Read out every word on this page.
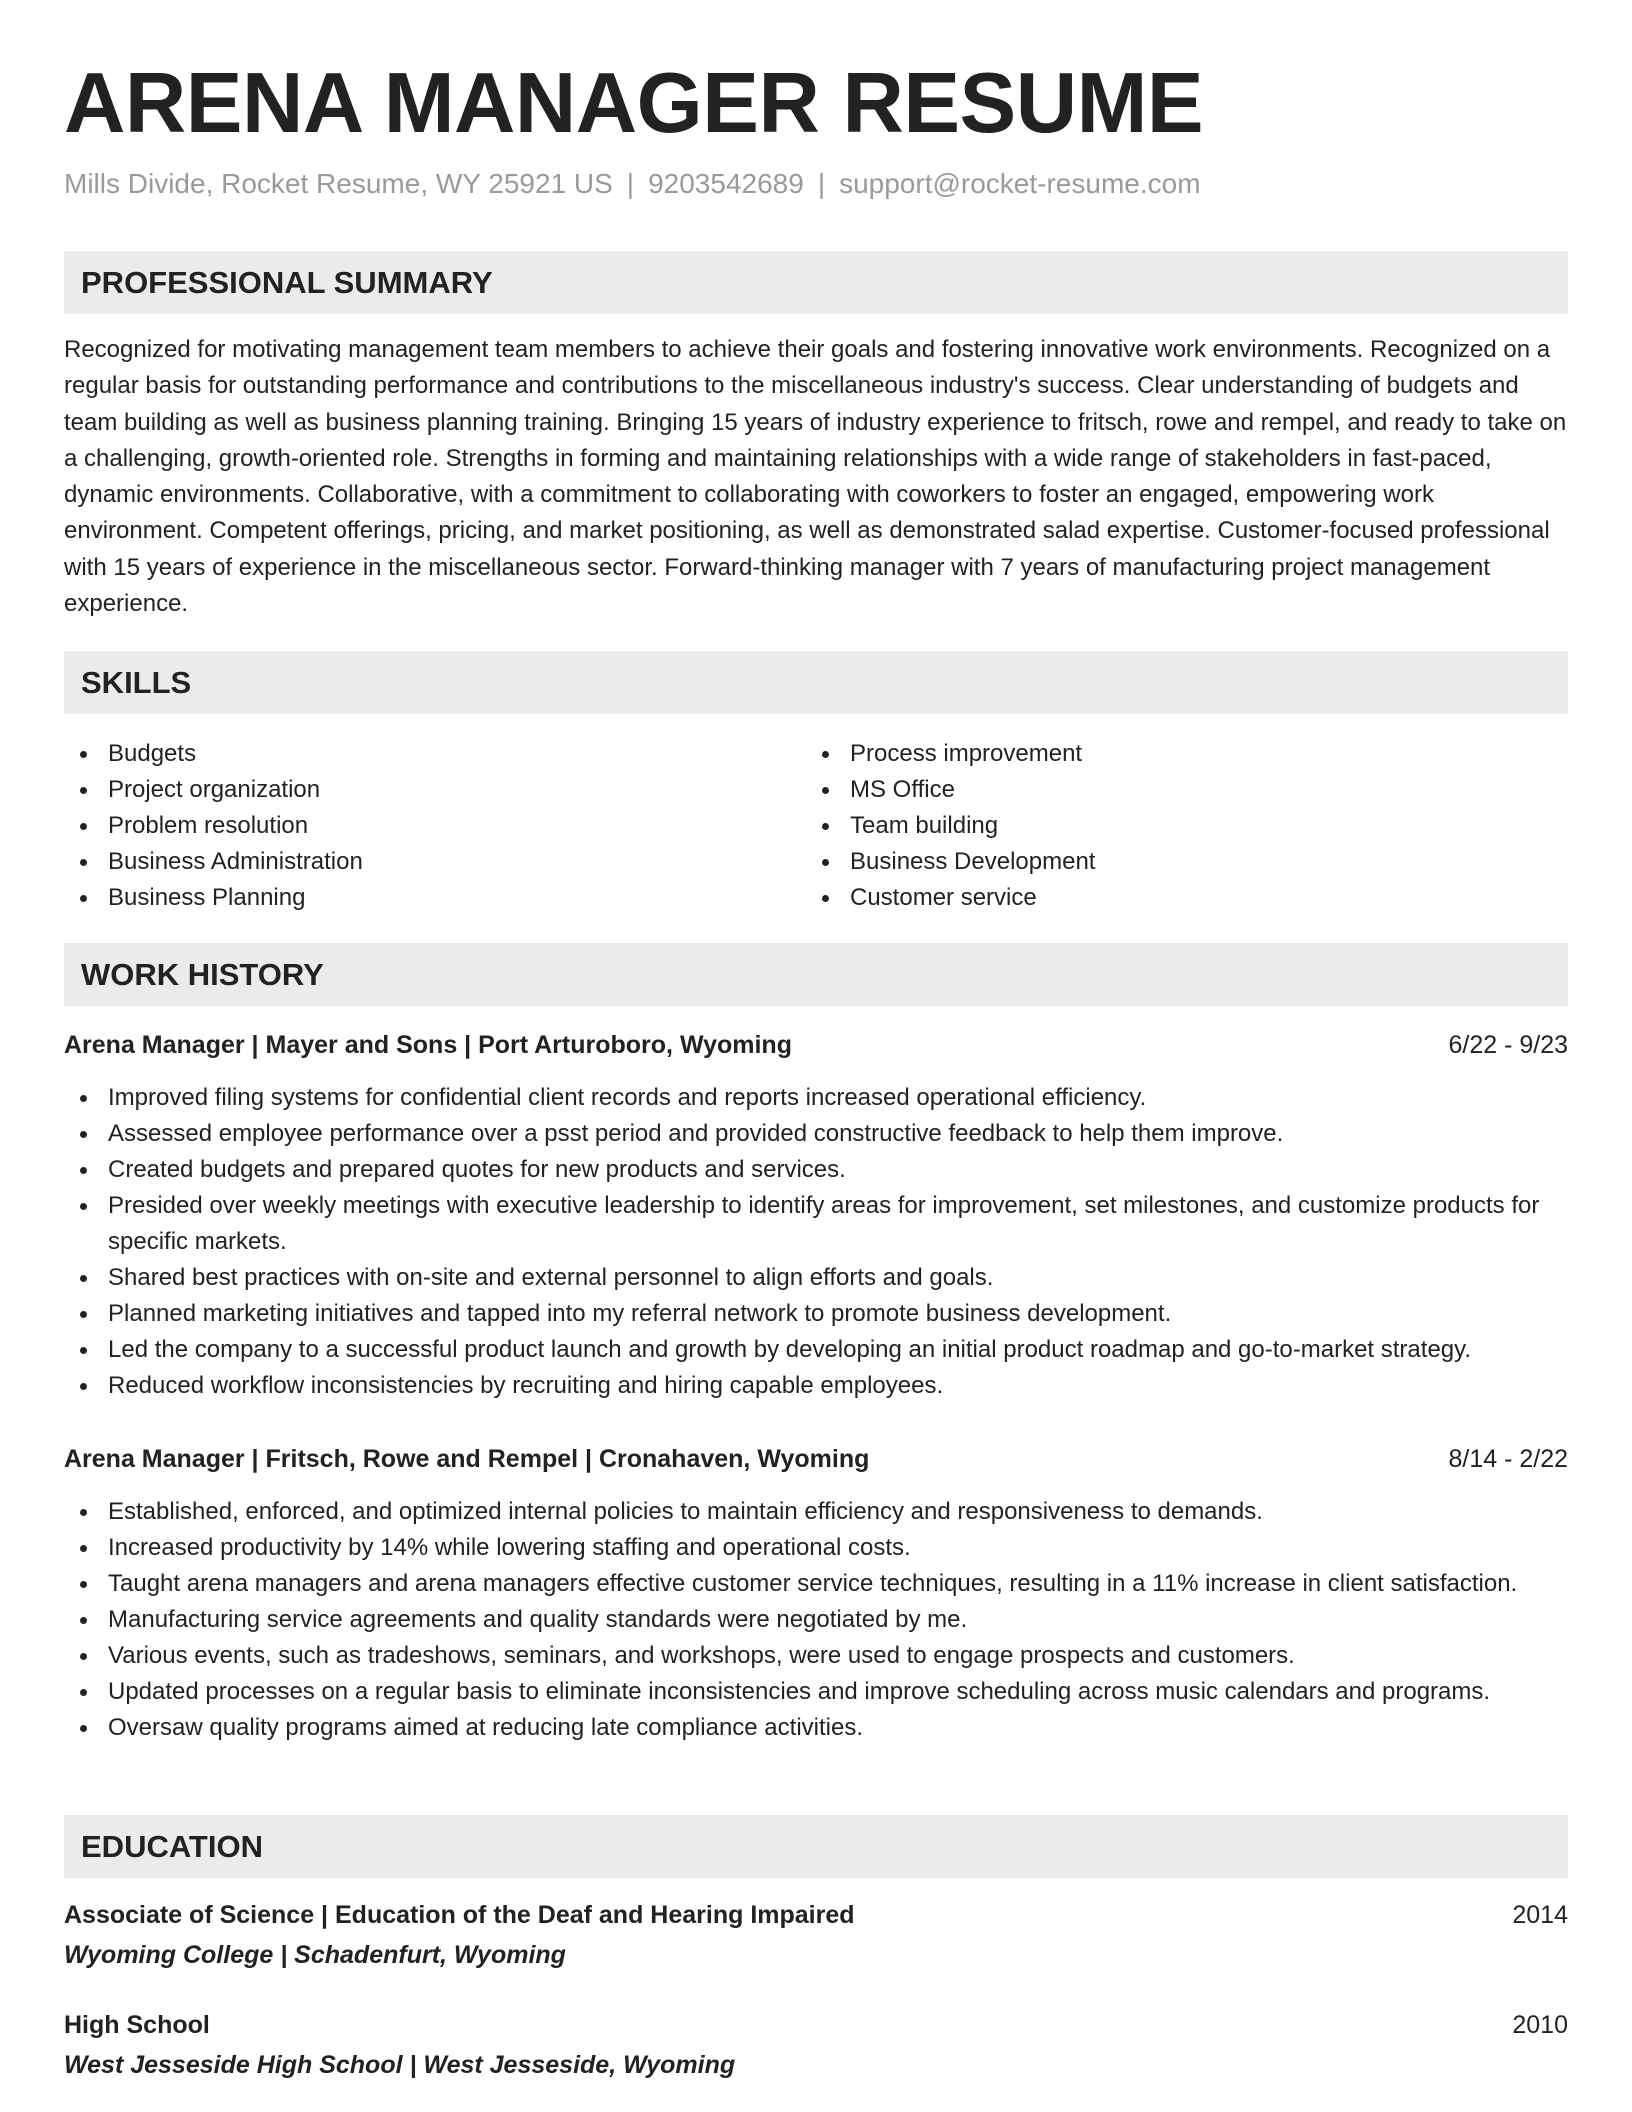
ARENA MANAGER RESUME
Mills Divide, Rocket Resume, WY 25921 US | 9203542689 | support@rocket-resume.com
PROFESSIONAL SUMMARY

Recognized for motivating management team members to achieve their goals and fostering innovative work environments. Recognized on a regular basis for outstanding performance and contributions to the miscellaneous industry's success. Clear understanding of budgets and team building as well as business planning training. Bringing 15 years of industry experience to fritsch, rowe and rempel, and ready to take on a challenging, growth-oriented role. Strengths in forming and maintaining relationships with a wide range of stakeholders in fast-paced, dynamic environments. Collaborative, with a commitment to collaborating with coworkers to foster an engaged, empowering work environment. Competent offerings, pricing, and market positioning, as well as demonstrated salad expertise. Customer-focused professional with 15 years of experience in the miscellaneous sector. Forward-thinking manager with 7 years of manufacturing project management experience.

SKILLS
Budgets
Project organization
Problem resolution
Business Administration
Business Planning
Process improvement
MS Office
Team building
Business Development
Customer service
WORK HISTORY
Arena Manager | Mayer and Sons | Port Arturoboro, Wyoming	6/22 - 9/23
Improved filing systems for confidential client records and reports increased operational efficiency.
Assessed employee performance over a psst period and provided constructive feedback to help them improve.
Created budgets and prepared quotes for new products and services.
Presided over weekly meetings with executive leadership to identify areas for improvement, set milestones, and customize products for specific markets.
Shared best practices with on-site and external personnel to align efforts and goals.
Planned marketing initiatives and tapped into my referral network to promote business development.
Led the company to a successful product launch and growth by developing an initial product roadmap and go-to-market strategy.
Reduced workflow inconsistencies by recruiting and hiring capable employees.
Arena Manager | Fritsch, Rowe and Rempel | Cronahaven, Wyoming	8/14 - 2/22
Established, enforced, and optimized internal policies to maintain efficiency and responsiveness to demands.
Increased productivity by 14% while lowering staffing and operational costs.
Taught arena managers and arena managers effective customer service techniques, resulting in a 11% increase in client satisfaction.
Manufacturing service agreements and quality standards were negotiated by me.
Various events, such as tradeshows, seminars, and workshops, were used to engage prospects and customers.
Updated processes on a regular basis to eliminate inconsistencies and improve scheduling across music calendars and programs.
Oversaw quality programs aimed at reducing late compliance activities.
EDUCATION
Associate of Science | Education of the Deaf and Hearing Impaired	2014
Wyoming College | Schadenfurt, Wyoming
High School	2010
West Jesseside High School | West Jesseside, Wyoming
